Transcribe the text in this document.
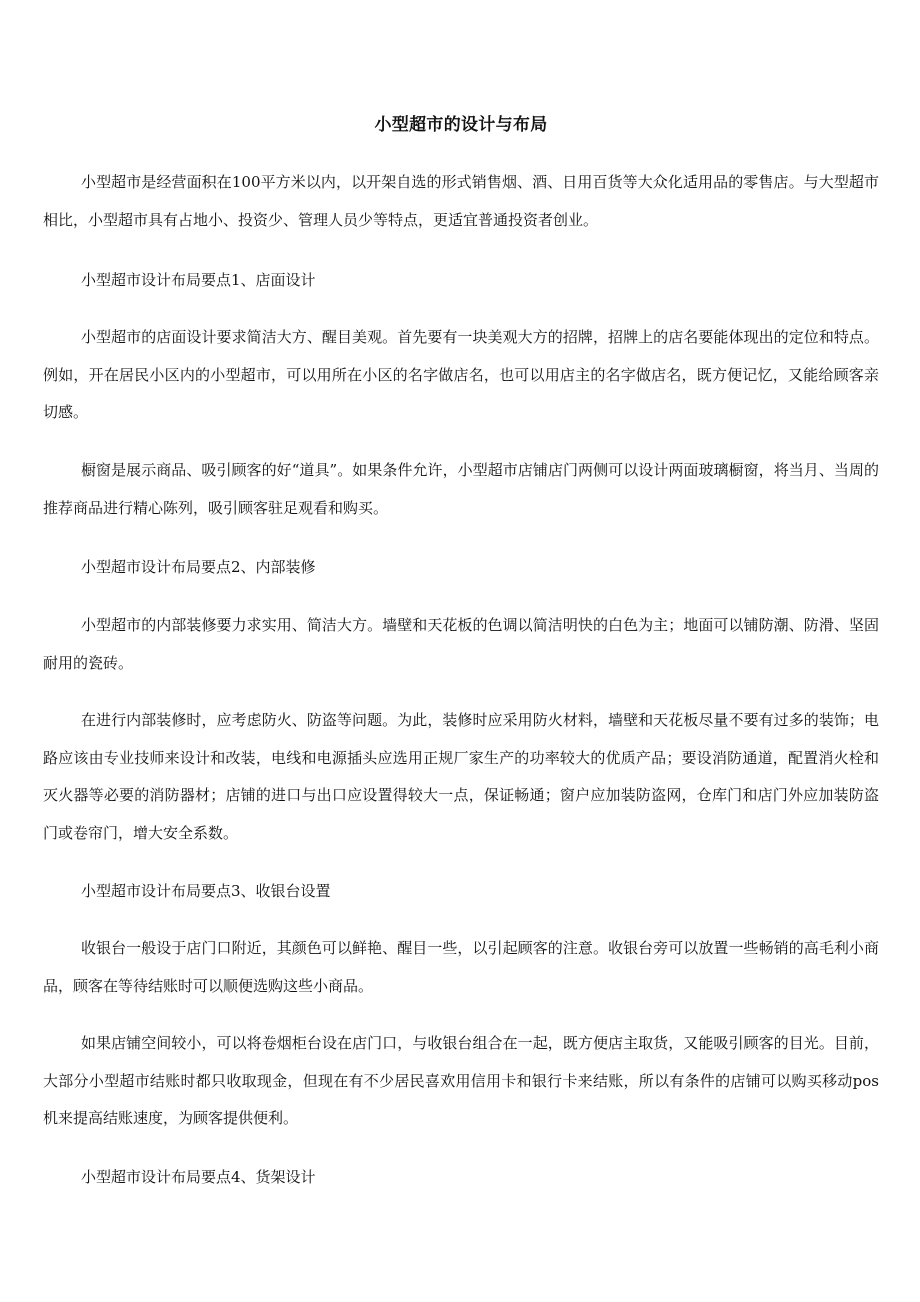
小型超市的设计与布局

小型超市是经营面积在100平方米以内，以开架自选的形式销售烟、酒、日用百货等大众化适用品的零售店。与大型超市相比，小型超市具有占地小、投资少、管理人员少等特点，更适宜普通投资者创业。

小型超市设计布局要点1、店面设计

小型超市的店面设计要求简洁大方、醒目美观。首先要有一块美观大方的招牌，招牌上的店名要能体现出的定位和特点。例如，开在居民小区内的小型超市，可以用所在小区的名字做店名，也可以用店主的名字做店名，既方便记忆，又能给顾客亲切感。

橱窗是展示商品、吸引顾客的好“道具”。如果条件允许，小型超市店铺店门两侧可以设计两面玻璃橱窗，将当月、当周的推荐商品进行精心陈列，吸引顾客驻足观看和购买。

小型超市设计布局要点2、内部装修

小型超市的内部装修要力求实用、简洁大方。墙壁和天花板的色调以简洁明快的白色为主；地面可以铺防潮、防滑、坚固耐用的瓷砖。

在进行内部装修时，应考虑防火、防盗等问题。为此，装修时应采用防火材料，墙壁和天花板尽量不要有过多的装饰；电路应该由专业技师来设计和改装，电线和电源插头应选用正规厂家生产的功率较大的优质产品；要设消防通道，配置消火栓和灭火器等必要的消防器材；店铺的进口与出口应设置得较大一点，保证畅通；窗户应加装防盗网，仓库门和店门外应加装防盗门或卷帘门，增大安全系数。

小型超市设计布局要点3、收银台设置

收银台一般设于店门口附近，其颜色可以鲜艳、醒目一些，以引起顾客的注意。收银台旁可以放置一些畅销的高毛利小商品，顾客在等待结账时可以顺便选购这些小商品。

如果店铺空间较小，可以将卷烟柜台设在店门口，与收银台组合在一起，既方便店主取货，又能吸引顾客的目光。目前，大部分小型超市结账时都只收取现金，但现在有不少居民喜欢用信用卡和银行卡来结账，所以有条件的店铺可以购买移动pos机来提高结账速度，为顾客提供便利。

小型超市设计布局要点4、货架设计
